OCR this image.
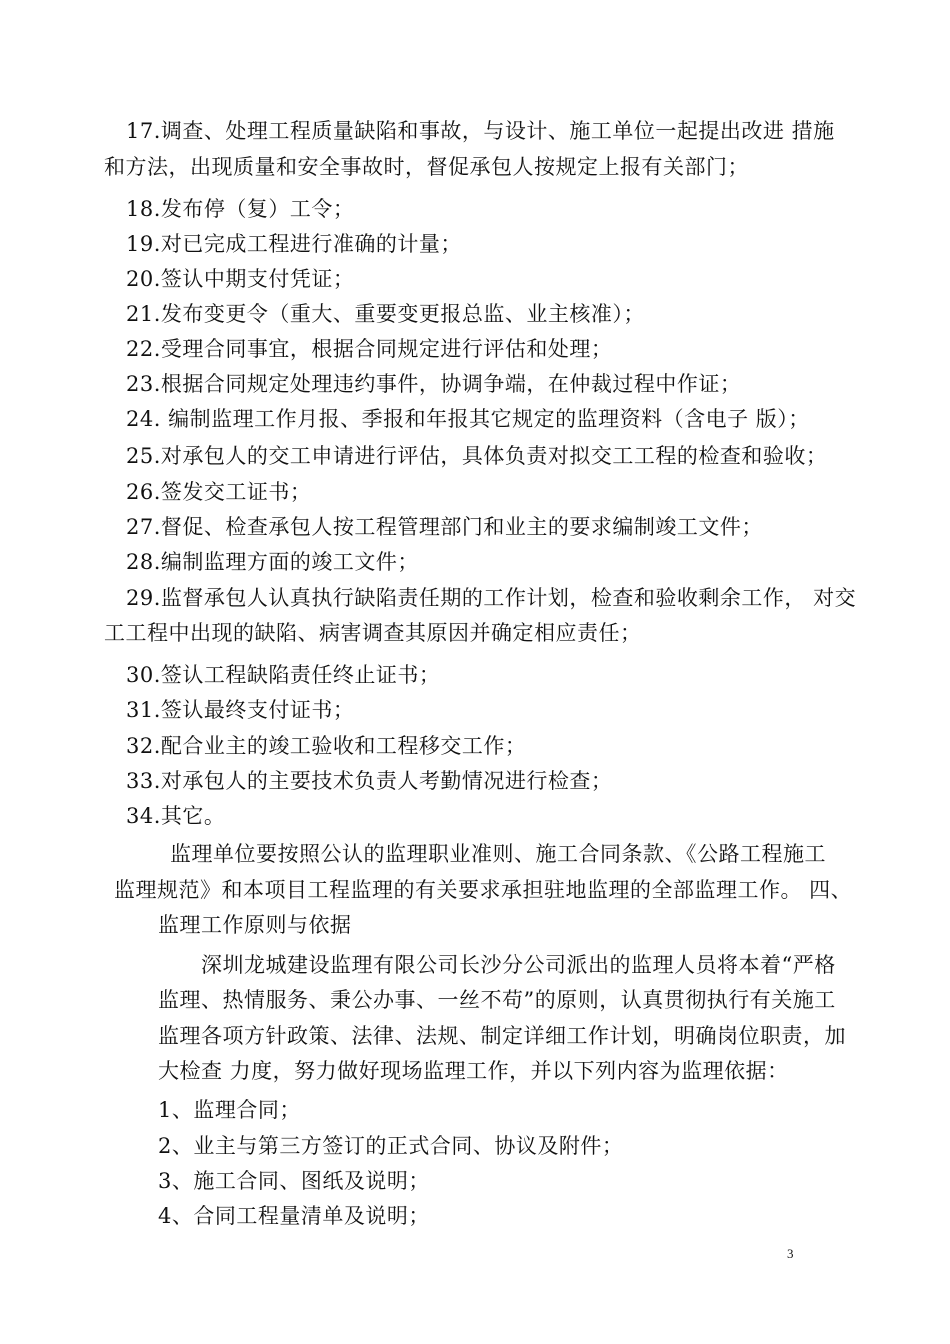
17.调查、处理工程质量缺陷和事故，与设计、施工单位一起提出改进 措施
和方法，出现质量和安全事故时，督促承包人按规定上报有关部门；
18.发布停（复）工令；
19.对已完成工程进行准确的计量；
20.签认中期支付凭证；
21.发布变更令（重大、重要变更报总监、业主核准）；
22.受理合同事宜，根据合同规定进行评估和处理；
23.根据合同规定处理违约事件，协调争端，在仲裁过程中作证；
24. 编制监理工作月报、季报和年报其它规定的监理资料（含电子 版）；
25.对承包人的交工申请进行评估，具体负责对拟交工工程的检查和验收；
26.签发交工证书；
27.督促、检查承包人按工程管理部门和业主的要求编制竣工文件；
28.编制监理方面的竣工文件；
29.监督承包人认真执行缺陷责任期的工作计划，检查和验收剩余工作， 对交
工工程中出现的缺陷、病害调查其原因并确定相应责任；
30.签认工程缺陷责任终止证书；
31.签认最终支付证书；
32.配合业主的竣工验收和工程移交工作；
33.对承包人的主要技术负责人考勤情况进行检查；
34.其它。
监理单位要按照公认的监理职业准则、施工合同条款、《公路工程施工
监理规范》和本项目工程监理的有关要求承担驻地监理的全部监理工作。 四、
监理工作原则与依据
深圳龙城建设监理有限公司长沙分公司派出的监理人员将本着“严格
监理、热情服务、秉公办事、一丝不苟”的原则，认真贯彻执行有关施工
监理各项方针政策、法律、法规、制定详细工作计划，明确岗位职责，加
大检查 力度，努力做好现场监理工作，并以下列内容为监理依据：
1、监理合同；
2、业主与第三方签订的正式合同、协议及附件；
3、施工合同、图纸及说明；
4、合同工程量清单及说明；
3
